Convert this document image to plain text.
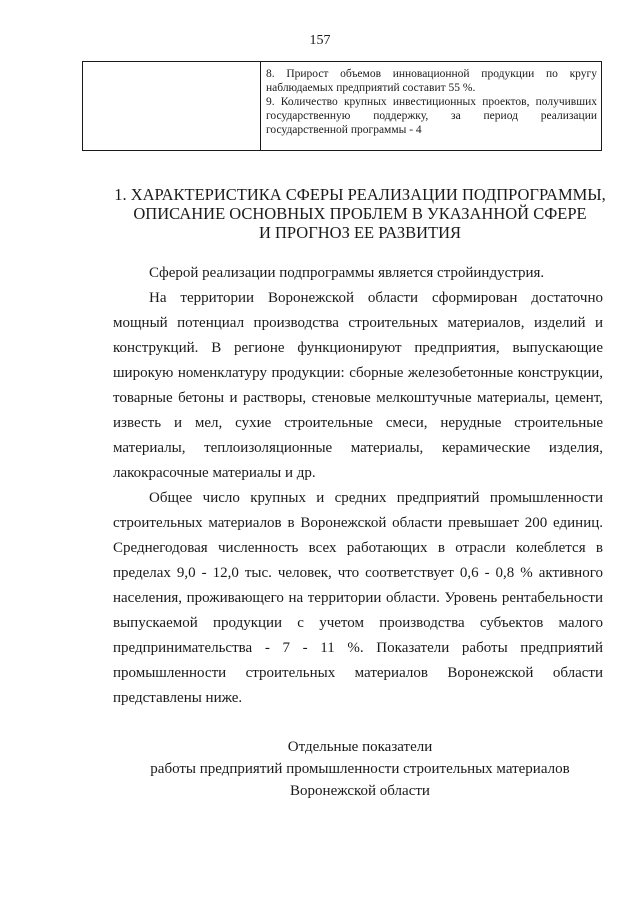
157

8. Прирост объемов инновационной продукции по кругу наблюдаемых предприятий составит 55 %.

9. Количество крупных инвестиционных проектов, получивших государственную поддержку, за период реализации государственной программы - 4

1. ХАРАКТЕРИСТИКА СФЕРЫ РЕАЛИЗАЦИИ ПОДПРОГРАММЫ,

ОПИСАНИЕ ОСНОВНЫХ ПРОБЛЕМ В УКАЗАННОЙ СФЕРЕ

И ПРОГНОЗ ЕЕ РАЗВИТИЯ

Сферой реализации подпрограммы является стройиндустрия.

На территории Воронежской области сформирован достаточно мощный потенциал производства строительных материалов, изделий и конструкций. В регионе функционируют предприятия, выпускающие широкую номенклатуру продукции: сборные железобетонные конструкции, товарные бетоны и растворы, стеновые мелкоштучные материалы, цемент, известь и мел, сухие строительные смеси, нерудные строительные материалы, теплоизоляционные материалы, керамические изделия, лакокрасочные материалы и др.

Общее число крупных и средних предприятий промышленности строительных материалов в Воронежской области превышает 200 единиц. Среднегодовая численность всех работающих в отрасли колеблется в пределах 9,0 - 12,0 тыс. человек, что соответствует 0,6 - 0,8 % активного населения, проживающего на территории области. Уровень рентабельности выпускаемой продукции с учетом производства субъектов малого предпринимательства - 7 - 11 %. Показатели работы предприятий промышленности строительных материалов Воронежской области представлены ниже.

Отдельные показатели

работы предприятий промышленности строительных материалов

Воронежской области
